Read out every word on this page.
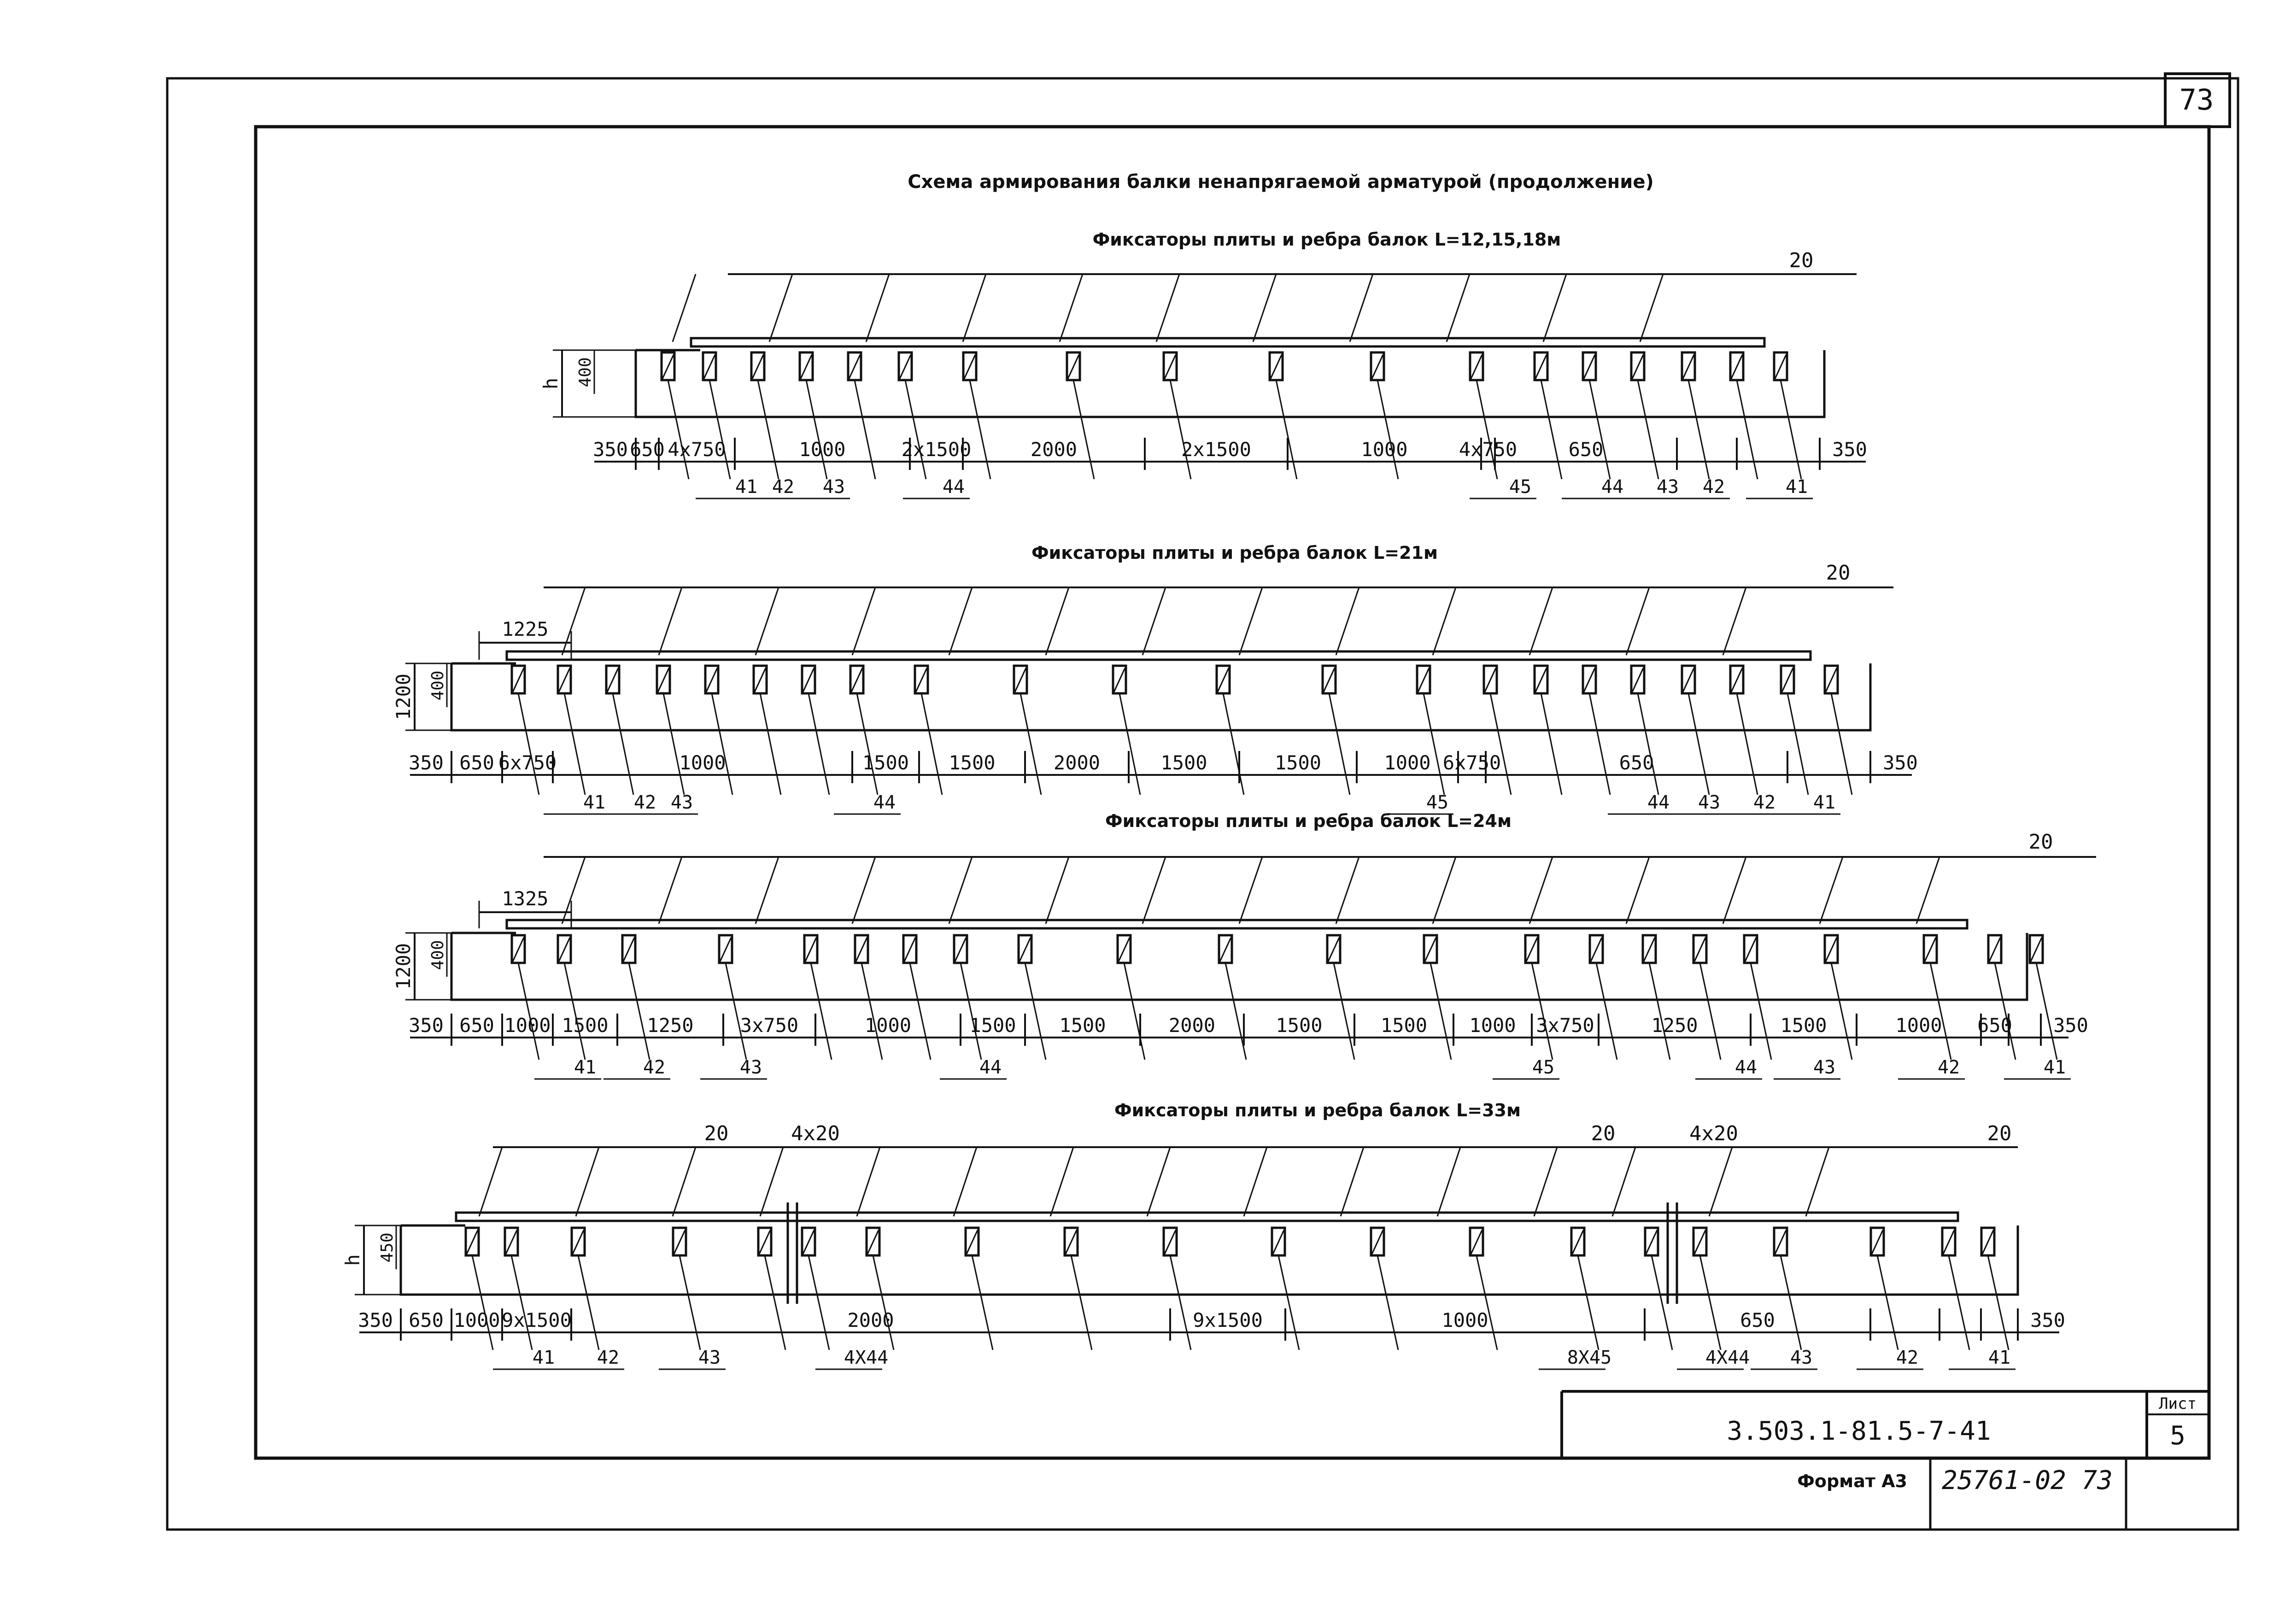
73
3.503.1-81.5-7-41
Лист
5
Формат А3 25761-02 73
Схема армирования балки ненапрягаемой арматурой (продолжение)
Фиксаторы плиты и ребра балок L=12,15,18м
Фиксаторы плиты и ребра балок L=21м
Фиксаторы плиты и ребра балок L=24м
Фиксаторы плиты и ребра балок L=33м
350 650 4x750	1000	2x1500	2000	2x1500	1000	4x750	650	350
41 42 43	44	45	44 43 42	41
h 400
20
350 650 6x750	1000	1500 1500	2000	1500	1500	1000 6x750	650	350
41 42 43	44	45	44 43 42 41
1200 400
1225
20
350 650 1000 1500 1250 3x750	1000	1500 1500	2000	1500	1500 1000 3x750	1250	1500	1000 650 350
41	42	43	44	45	44	43	42	41
1200 400
1325
20
350 650 1000 9x1500	2000	9x1500	1000	650	350
41 42	43	4X44	8X45	4X44 43	42	41
h 450
20	4x20	20	4x20	20
